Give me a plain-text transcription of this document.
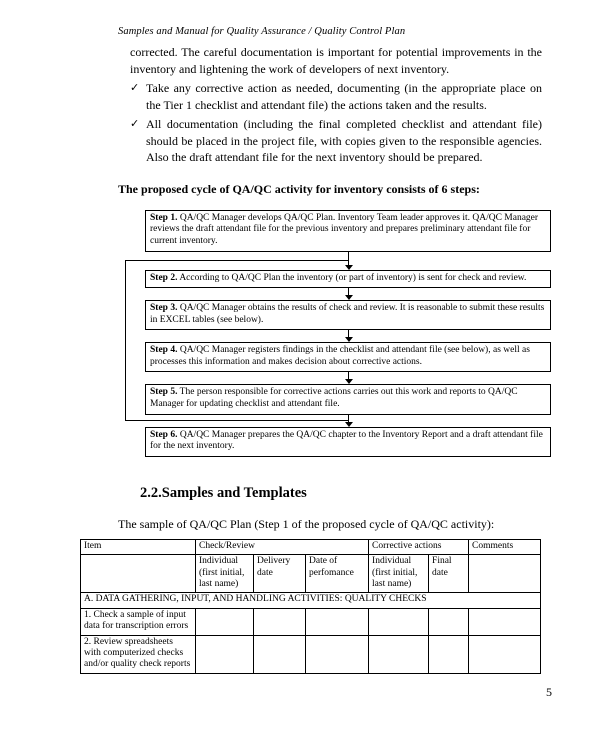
Samples and Manual for Quality Assurance / Quality Control Plan

corrected. The careful documentation is important for potential improvements in the inventory and lightening the work of developers of next inventory.

✓ Take any corrective action as needed, documenting (in the appropriate place on the Tier 1 checklist and attendant file) the actions taken and the results.
✓ All documentation (including the final completed checklist and attendant file) should be placed in the project file, with copies given to the responsible agencies. Also the draft attendant file for the next inventory should be prepared.
The proposed cycle of QA/QC activity for inventory consists of 6 steps:
Step 1. QA/QC Manager develops QA/QC Plan. Inventory Team leader approves it. QA/QC Manager reviews the draft attendant file for the previous inventory and prepares preliminary attendant file for current inventory.
Step 2. According to QA/QC Plan the inventory (or part of inventory) is sent for check and review.
Step 3. QA/QC Manager obtains the results of check and review. It is reasonable to submit these results in EXCEL tables (see below).
Step 4. QA/QC Manager registers findings in the checklist and attendant file (see below), as well as processes this information and makes decision about corrective actions.
Step 5. The person responsible for corrective actions carries out this work and reports to QA/QC Manager for updating checklist and attendant file.
Step 6. QA/QC Manager prepares the QA/QC chapter to the Inventory Report and a draft attendant file for the next inventory.
2.2.Samples and Templates
The sample of QA/QC Plan (Step 1 of the proposed cycle of QA/QC activity):
Item	Check/Review			Corrective actions		Comments
	Individual (first initial, last name)	Delivery date	Date of perfomance	Individual (first initial, last name)	Final date	
A. DATA GATHERING, INPUT, AND HANDLING ACTIVITIES: QUALITY CHECKS						
1. Check a sample of input data for transcription errors						
2. Review spreadsheets with computerized checks and/or quality check reports						
5
